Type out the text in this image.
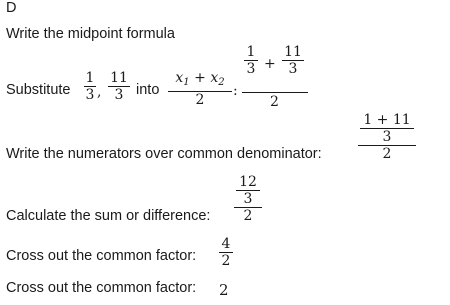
D
Write the midpoint formula
Substitute
1
3 ,
11
3 into
$x_1 + x_2$
2
:
1
3 +
11
3
2
Write the numerators over common denominator:
1 + 11
3
2
Calculate the sum or difference:
12
3
2
Cross out the common factor:
4
2
Cross out the common factor: 2
